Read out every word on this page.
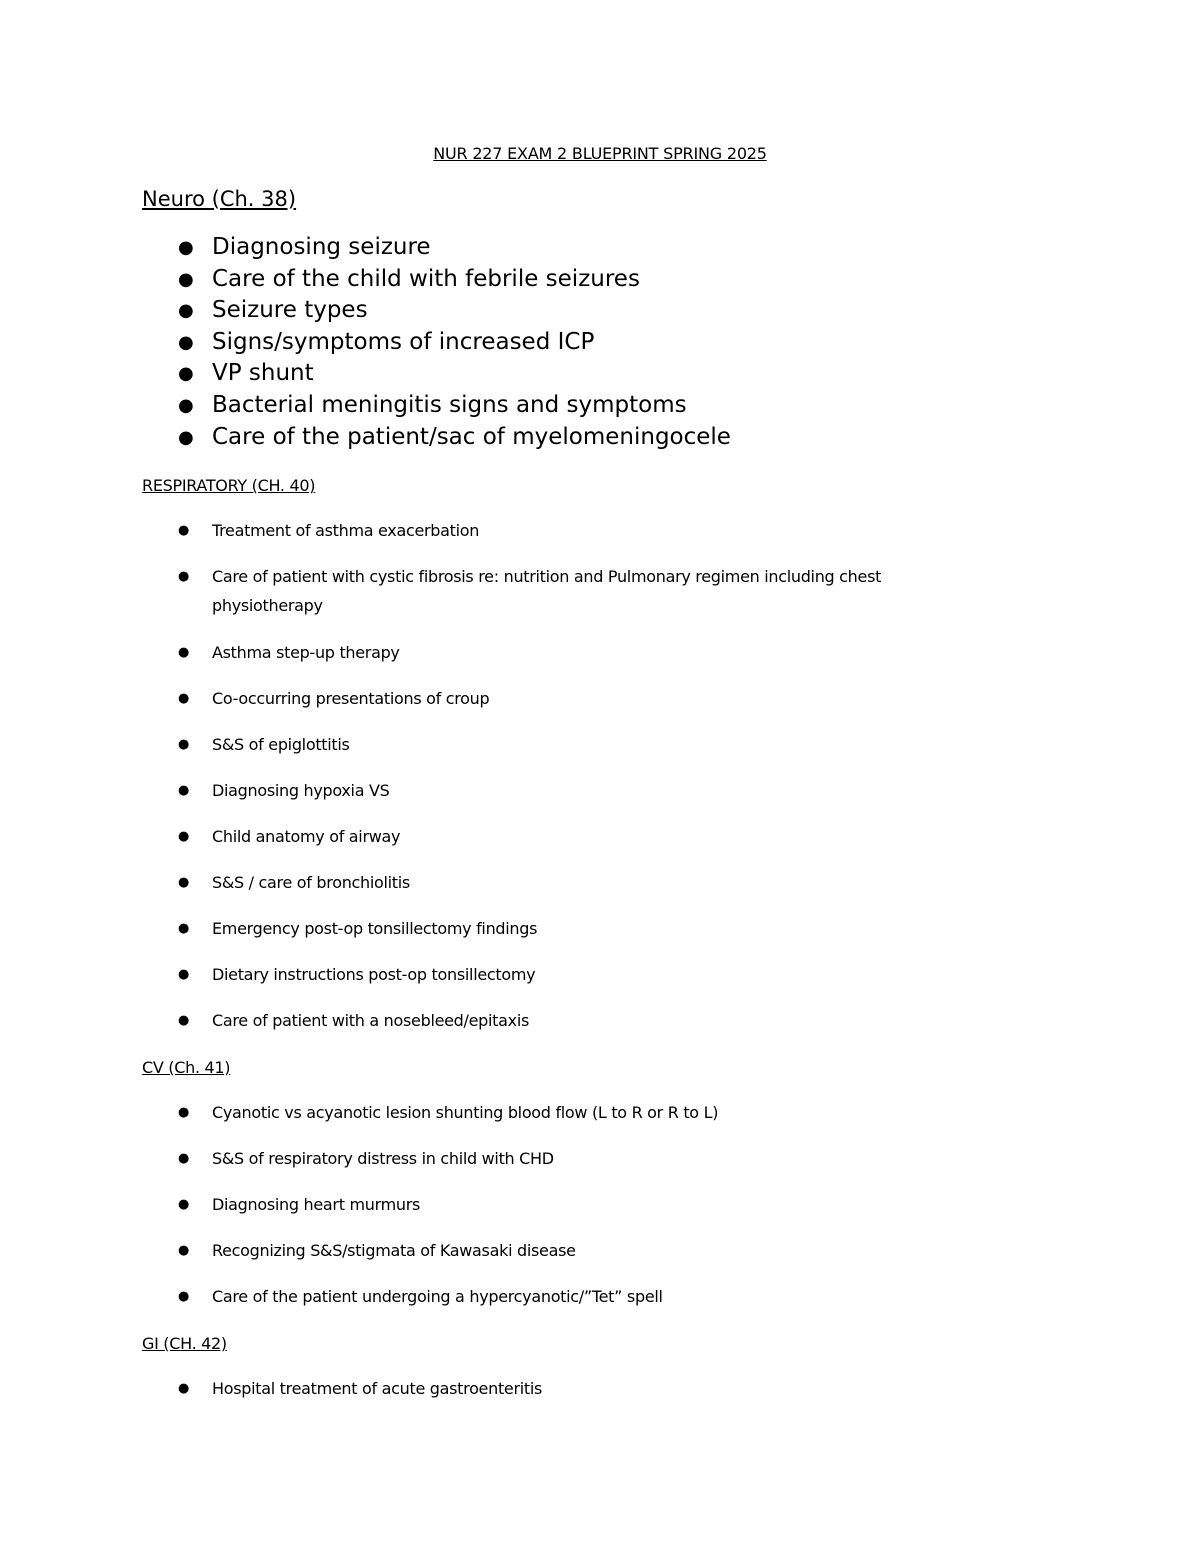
NUR 227 EXAM 2 BLUEPRINT SPRING 2025
Neuro (Ch. 38)
● Diagnosing seizure
● Care of the child with febrile seizures
● Seizure types
● Signs/symptoms of increased ICP
● VP shunt
● Bacterial meningitis signs and symptoms
● Care of the patient/sac of myelomeningocele
RESPIRATORY (CH. 40)
● Treatment of asthma exacerbation
● Care of patient with cystic fibrosis re: nutrition and Pulmonary regimen including chest physiotherapy
● Asthma step-up therapy
● Co-occurring presentations of croup
● S&S of epiglottitis
● Diagnosing hypoxia VS
● Child anatomy of airway
● S&S / care of bronchiolitis
● Emergency post-op tonsillectomy findings
● Dietary instructions post-op tonsillectomy
● Care of patient with a nosebleed/epitaxis
CV (Ch. 41)
● Cyanotic vs acyanotic lesion shunting blood flow (L to R or R to L)
● S&S of respiratory distress in child with CHD
● Diagnosing heart murmurs
● Recognizing S&S/stigmata of Kawasaki disease
● Care of the patient undergoing a hypercyanotic/”Tet” spell
GI (CH. 42)
● Hospital treatment of acute gastroenteritis
